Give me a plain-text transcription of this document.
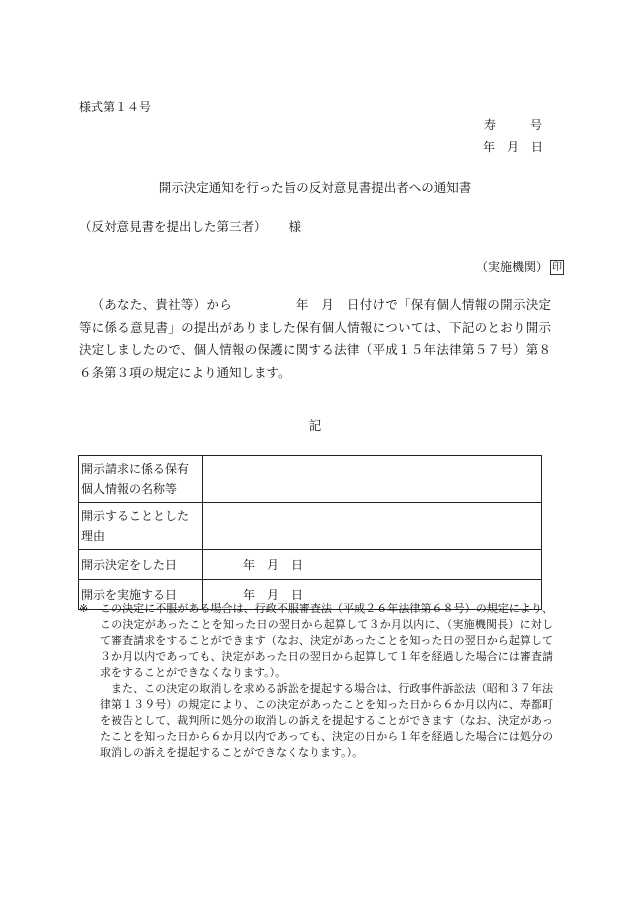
様式第１４号
寿	号
年　月　日
開示決定通知を行った旨の反対意見書提出者への通知書
（反対意見書を提出した第三者） 様
（実施機関） 印
（あなた、貴社等）から　　　　　年　月　日付けで「保有個人情報の開示決定等に係る意見書」の提出がありました保有個人情報については、下記のとおり開示決定しましたので、個人情報の保護に関する法律（平成１５年法律第５７号）第８６条第３項の規定により通知します。
記
開示請求に係る保有個人情報の名称等	
開示することとした理由	
開示決定をした日	年　月　日
開示を実施する日	年　月　日
※ この決定に不服がある場合は、行政不服審査法（平成２６年法律第６８号）の規定により、この決定があったことを知った日の翌日から起算して３か月以内に、（実施機関長）に対して審査請求をすることができます（なお、決定があったことを知った日の翌日から起算して３か月以内であっても、決定があった日の翌日から起算して１年を経過した場合には審査請求をすることができなくなります。）。

また、この決定の取消しを求める訴訟を提起する場合は、行政事件訴訟法（昭和３７年法律第１３９号）の規定により、この決定があったことを知った日から６か月以内に、寿都町を被告として、裁判所に処分の取消しの訴えを提起することができます（なお、決定があったことを知った日から６か月以内であっても、決定の日から１年を経過した場合には処分の取消しの訴えを提起することができなくなります。）。
